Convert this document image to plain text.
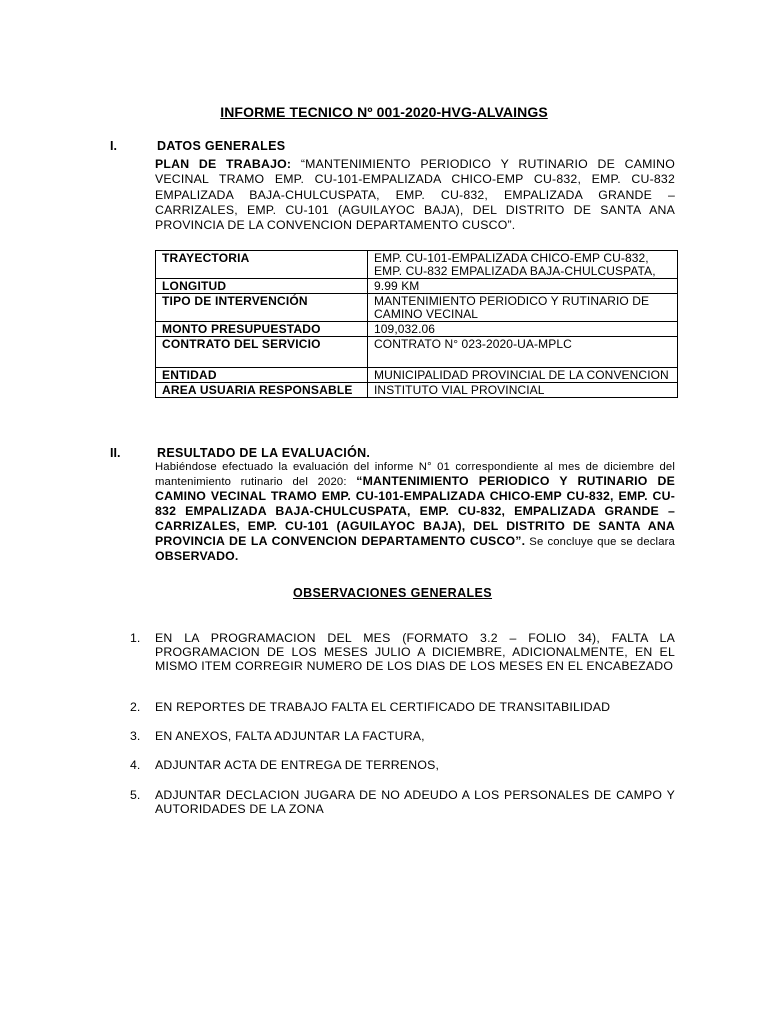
INFORME TECNICO Nº 001-2020-HVG-ALVAINGS
I.	DATOS GENERALES
PLAN DE TRABAJO: “MANTENIMIENTO PERIODICO Y RUTINARIO DE CAMINO VECINAL TRAMO EMP. CU-101-EMPALIZADA CHICO-EMP CU-832, EMP. CU-832 EMPALIZADA BAJA-CHULCUSPATA, EMP. CU-832, EMPALIZADA GRANDE – CARRIZALES, EMP. CU-101 (AGUILAYOC BAJA), DEL DISTRITO DE SANTA ANA PROVINCIA DE LA CONVENCION DEPARTAMENTO CUSCO”.
TRAYECTORIA	EMP. CU-101-EMPALIZADA CHICO-EMP CU-832, EMP. CU-832 EMPALIZADA BAJA-CHULCUSPATA,

LONGITUD	9.99 KM
TIPO DE INTERVENCIÓN	MANTENIMIENTO PERIODICO Y RUTINARIO DE CAMINO VECINAL
MONTO PRESUPUESTADO	109,032.06
CONTRATO DEL SERVICIO	CONTRATO N° 023-2020-UA-MPLC
ENTIDAD	MUNICIPALIDAD PROVINCIAL DE LA CONVENCION
AREA USUARIA RESPONSABLE	INSTITUTO VIAL PROVINCIAL
II.	RESULTADO DE LA EVALUACIÓN.
Habiéndose efectuado la evaluación del informe N° 01 correspondiente al mes de diciembre del mantenimiento rutinario del 2020: “MANTENIMIENTO PERIODICO Y RUTINARIO DE CAMINO VECINAL TRAMO EMP. CU-101-EMPALIZADA CHICO-EMP CU-832, EMP. CU-832 EMPALIZADA BAJA-CHULCUSPATA, EMP. CU-832, EMPALIZADA GRANDE – CARRIZALES, EMP. CU-101 (AGUILAYOC BAJA), DEL DISTRITO DE SANTA ANA PROVINCIA DE LA CONVENCION DEPARTAMENTO CUSCO”. Se concluye que se declara OBSERVADO.
OBSERVACIONES GENERALES
1. EN LA PROGRAMACION DEL MES (FORMATO 3.2 – FOLIO 34), FALTA LA PROGRAMACION DE LOS MESES JULIO A DICIEMBRE, ADICIONALMENTE, EN EL MISMO ITEM CORREGIR NUMERO DE LOS DIAS DE LOS MESES EN EL ENCABEZADO
2. EN REPORTES DE TRABAJO FALTA EL CERTIFICADO DE TRANSITABILIDAD
3. EN ANEXOS, FALTA ADJUNTAR LA FACTURA,
4. ADJUNTAR ACTA DE ENTREGA DE TERRENOS,
5. ADJUNTAR DECLACION JUGARA DE NO ADEUDO A LOS PERSONALES DE CAMPO Y AUTORIDADES DE LA ZONA
